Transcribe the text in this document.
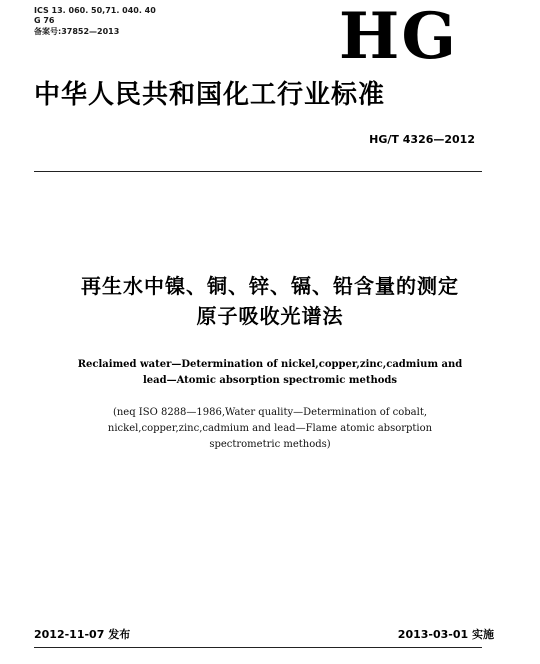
ICS 13. 060. 50,71. 040. 40
G 76
备案号:37852—2013	HG
中华人民共和国化工行业标准
HG/T 4326—2012
再生水中镍、铜、锌、镉、铅含量的测定
原子吸收光谱法
Reclaimed water—Determination of nickel,copper,zinc,cadmium and
lead—Atomic absorption spectromic methods
(neq ISO 8288—1986,Water quality—Determination of cobalt,
nickel,copper,zinc,cadmium and lead—Flame atomic absorption
spectrometric methods)
2012-11-07 发布	2013-03-01 实施
